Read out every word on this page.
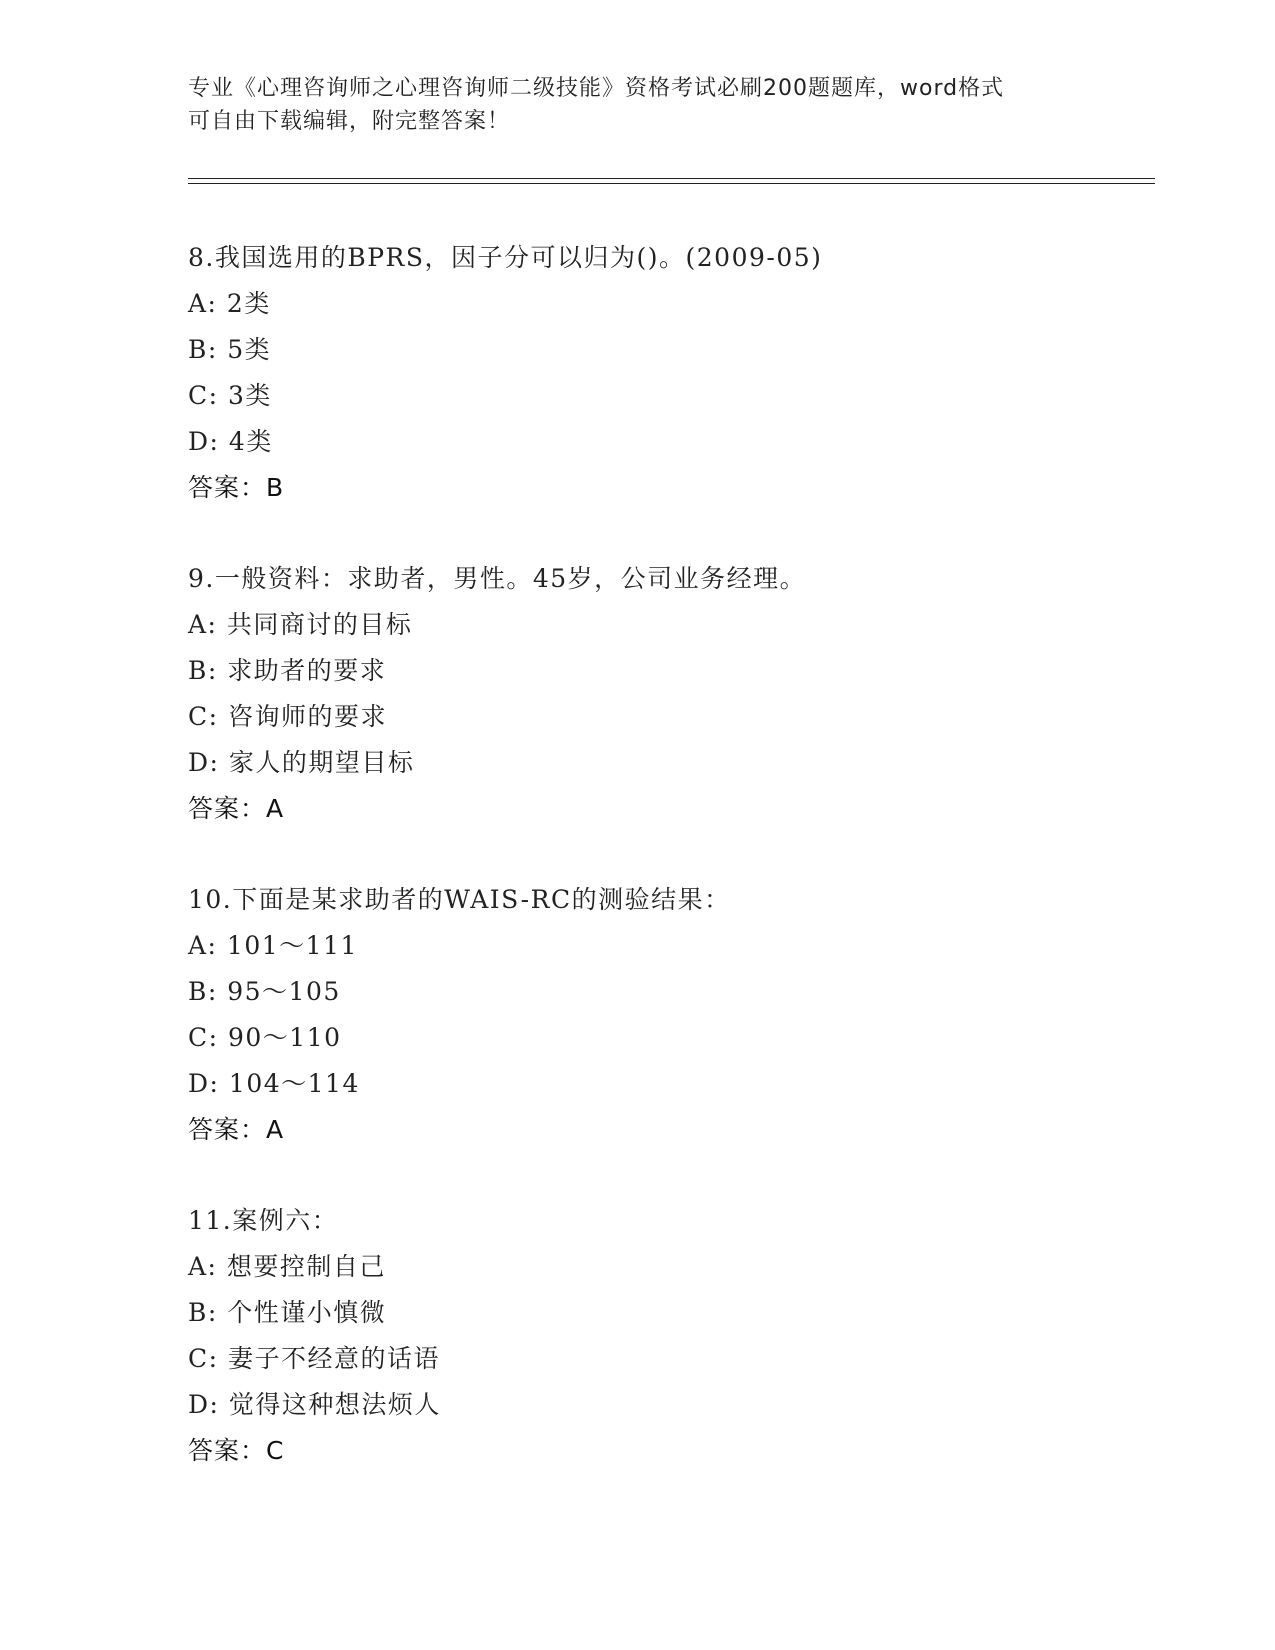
专业《心理咨询师之心理咨询师二级技能》资格考试必刷200题题库，word格式
可自由下载编辑，附完整答案！
8.我国选用的BPRS，因子分可以归为()。(2009-05)
A: 2类
B: 5类
C: 3类
D: 4类
答案：B
9.一般资料：求助者，男性。45岁，公司业务经理。
A: 共同商讨的目标
B: 求助者的要求
C: 咨询师的要求
D: 家人的期望目标
答案：A
10.下面是某求助者的WAIS-RC的测验结果：
A: 101～111
B: 95～105
C: 90～110
D: 104～114
答案：A
11.案例六：
A: 想要控制自己
B: 个性谨小慎微
C: 妻子不经意的话语
D: 觉得这种想法烦人
答案：C
